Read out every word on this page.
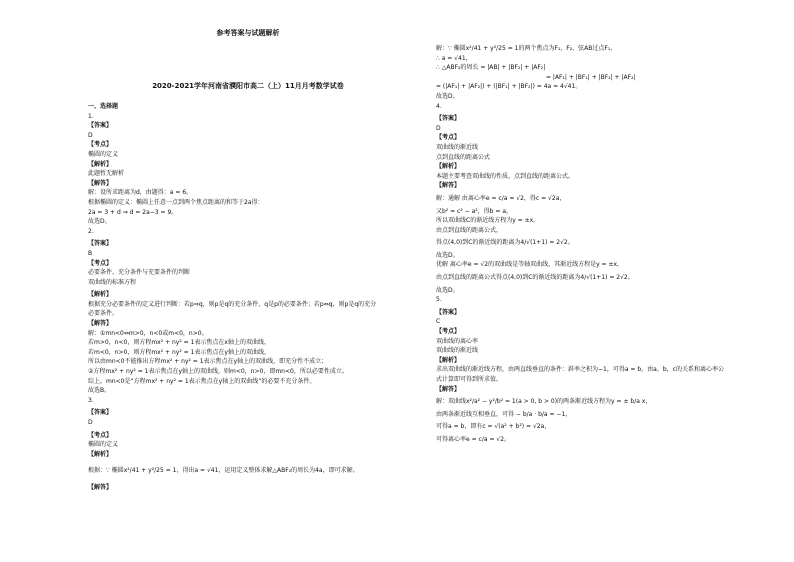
参考答案与试题解析
2020-2021学年河南省濮阳市高二（上）11月月考数学试卷
一、选择题
1.
【答案】
D
【考点】
椭圆的定义
【解析】
此题暂无解析
【解答】
解：设所求距离为d，由题得：a = 6。
根据椭圆的定义：椭圆上任意一点到两个焦点距离的和等于2a得：
2a = 3 + d ⇒ d = 2a−3 = 9。
故选D。
2.
【答案】
B
【考点】
必要条件、充分条件与充要条件的判断
双曲线的标准方程
【解析】
根据充分必要条件的定义进行判断：若p⇒q，则p是q的充分条件，q是p的必要条件；若p⇔q，则p是q的充分
必要条件。
【解答】
解：①mn<0⇔m>0，n<0或m<0，n>0。
若m>0，n<0，则方程mx² + ny² = 1表示焦点在x轴上的双曲线，
若m<0，n>0，则方程mx² + ny² = 1表示焦点在y轴上的双曲线，
所以由mn<0不能推出方程mx² + ny² = 1表示焦点在y轴上的双曲线，即充分性不成立；
②方程mx² + ny² = 1表示焦点在y轴上的双曲线，则m<0，n>0，即mn<0，所以必要性成立。
综上，mn<0是“方程mx² + ny² = 1表示焦点在y轴上的双曲线”的必要不充分条件。
故选B。
3.
【答案】
D
【考点】
椭圆的定义
【解析】
根据：∵ 椭圆x²/41 + y²/25 = 1，得出a = √41，运用定义整体求解△ABF₂的周长为4a，即可求解。
【解答】
解：∵ 椭圆x²/41 + y²/25 = 1的两个焦点为F₁，F₂，弦AB过点F₁，
∴ a = √41，
∴ △ABF₂的周长 = |AB| + |BF₂| + |AF₂|
= |AF₁| + |BF₁| + |BF₂| + |AF₂|
= (|AF₁| + |AF₂|) + (|BF₁| + |BF₂|) = 4a = 4√41。
故选D。
4.
【答案】
D
【考点】
双曲线的渐近线
点到直线的距离公式
【解析】
本题主要考查双曲线的性质，点到直线的距离公式。
【解答】
解：通解 由离心率e = c/a = √2，得c = √2a，
又b² = c² − a²，得b = a，
所以双曲线C的渐近线方程为y = ±x。
由点到直线的距离公式，
得点(4,0)到C的渐近线的距离为4/√(1+1) = 2√2。
故选D。
优解 离心率e = √2的双曲线是等轴双曲线，其渐近线方程是y = ±x，
由点到直线的距离公式得点(4,0)到C的渐近线的距离为4/√(1+1) = 2√2。
故选D。
5.
【答案】
C
【考点】
双曲线的离心率
双曲线的渐近线
【解析】
求出双曲线的渐近线方程，由两直线垂直的条件：斜率之积为−1，可得a = b，由a，b，c的关系和离心率公
式计算即可得到所求值。
【解答】
解：双曲线x²/a² − y²/b² = 1(a > 0, b > 0)的两条渐近线方程为y = ± b/a x，
由两条渐近线互相垂直，可得 − b/a · b/a = −1，
可得a = b，即有c = √(a² + b²) = √2a，
可得离心率e = c/a = √2。
